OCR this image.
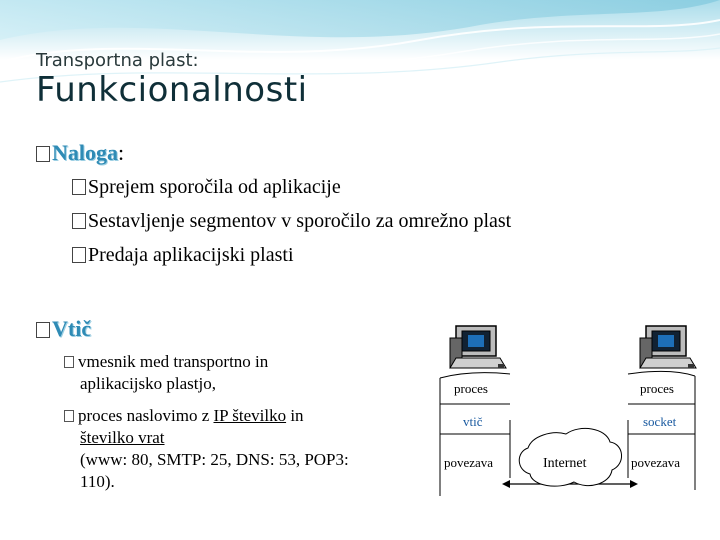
Transportna plast:
Funkcionalnosti
Naloga:
Sprejem sporočila od aplikacije
Sestavljenje segmentov v sporočilo za omrežno plast
Predaja aplikacijski plasti
Vtič
vmesnik med transportno in
aplikacijsko plastjo,
proces naslovimo z IP številko in
številko vrat
(www: 80, SMTP: 25, DNS: 53, POP3:
110).
proces
vtič
povezava
proces
socket
povezava
Internet
